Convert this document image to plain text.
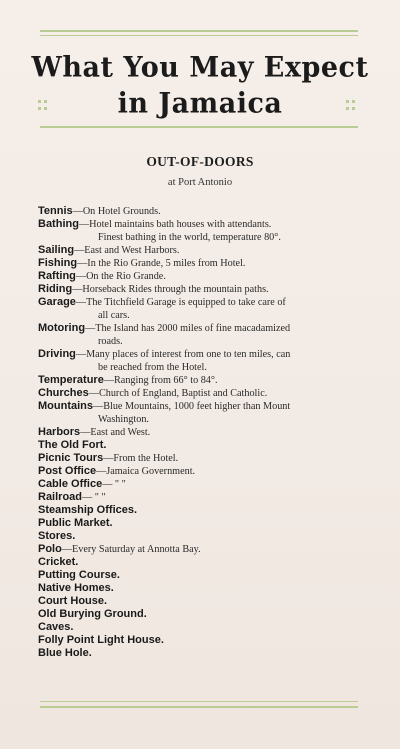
What You May Expect
in Jamaica
OUT-OF-DOORS
at Port Antonio
Tennis—On Hotel Grounds.
Bathing—Hotel maintains bath houses with attendants.
Finest bathing in the world, temperature 80°.
Sailing—East and West Harbors.
Fishing—In the Rio Grande, 5 miles from Hotel.
Rafting—On the Rio Grande.
Riding—Horseback Rides through the mountain paths.
Garage—The Titchfield Garage is equipped to take care of
all cars.
Motoring—The Island has 2000 miles of fine macadamized
roads.
Driving—Many places of interest from one to ten miles, can
be reached from the Hotel.
Temperature—Ranging from 66° to 84°.
Churches—Church of England, Baptist and Catholic.
Mountains—Blue Mountains, 1000 feet higher than Mount
Washington.
Harbors—East and West.
The Old Fort.
Picnic Tours—From the Hotel.
Post Office—Jamaica Government.
Cable Office— " "
Railroad— " "
Steamship Offices.
Public Market.
Stores.
Polo—Every Saturday at Annotta Bay.
Cricket.
Putting Course.
Native Homes.
Court House.
Old Burying Ground.
Caves.
Folly Point Light House.
Blue Hole.
